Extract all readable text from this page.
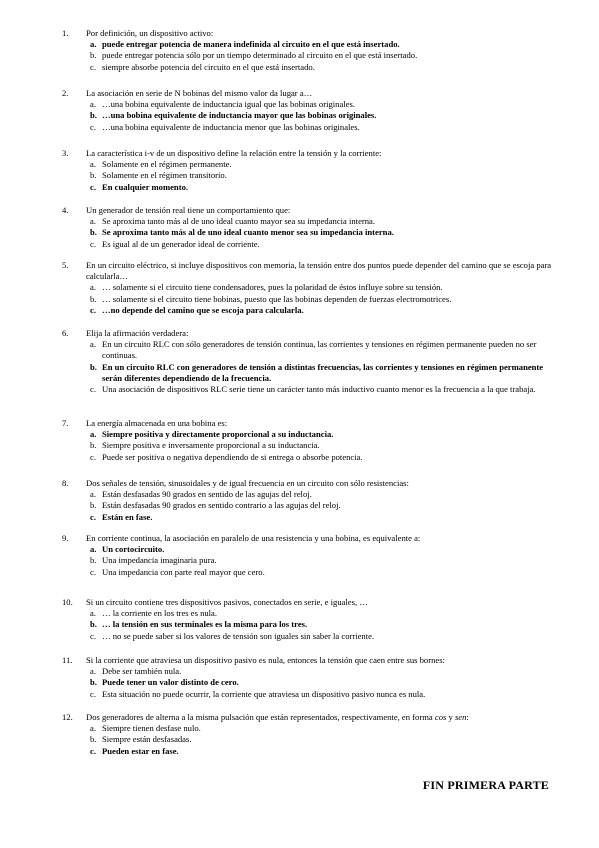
1.	Por definición, un dispositivo activo:
a. puede entregar potencia de manera indefinida al circuito en el que está insertado.
b. puede entregar potencia sólo por un tiempo determinado al circuito en el que está insertado.
c. siempre absorbe potencia del circuito en el que está insertado.
2.	La asociación en serie de N bobinas del mismo valor da lugar a…
a. …una bobina equivalente de inductancia igual que las bobinas originales.
b. …una bobina equivalente de inductancia mayor que las bobinas originales.
c. …una bobina equivalente de inductancia menor que las bobinas originales.
3.	La característica i-v de un dispositivo define la relación entre la tensión y la corriente:
a. Solamente en el régimen permanente.
b. Solamente en el régimen transitorio.
c. En cualquier momento.
4.	Un generador de tensión real tiene un comportamiento que:
a. Se aproxima tanto más al de uno ideal cuanto mayor sea su impedancia interna.
b. Se aproxima tanto más al de uno ideal cuanto menor sea su impedancia interna.
c. Es igual al de un generador ideal de corriente.
5.	En un circuito eléctrico, si incluye dispositivos con memoria, la tensión entre dos puntos puede depender del camino que se escoja para calcularla…
a. … solamente si el circuito tiene condensadores, pues la polaridad de éstos influye sobre su tensión.
b. … solamente si el circuito tiene bobinas, puesto que las bobinas dependen de fuerzas electromotrices.
c. …no depende del camino que se escoja para calcularla.
6.	Elija la afirmación verdadera:
a. En un circuito RLC con sólo generadores de tensión continua, las corrientes y tensiones en régimen permanente pueden no ser continuas.
b. En un circuito RLC con generadores de tensión a distintas frecuencias, las corrientes y tensiones en régimen permanente serán diferentes dependiendo de la frecuencia.
c. Una asociación de dispositivos RLC serie tiene un carácter tanto más inductivo cuanto menor es la frecuencia a la que trabaja.
7.	La energía almacenada en una bobina es:
a. Siempre positiva y directamente proporcional a su inductancia.
b. Siempre positiva e inversamente proporcional a su inductancia.
c. Puede ser positiva o negativa dependiendo de si entrega o absorbe potencia.
8.	Dos señales de tensión, sinusoidales y de igual frecuencia en un circuito con sólo resistencias:
a. Están desfasadas 90 grados en sentido de las agujas del reloj.
b. Están desfasadas 90 grados en sentido contrario a las agujas del reloj.
c. Están en fase.
9.	En corriente continua, la asociación en paralelo de una resistencia y una bobina, es equivalente a:
a. Un cortocircuito.
b. Una impedancia imaginaria pura.
c. Una impedancia con parte real mayor que cero.
10.	Si un circuito contiene tres dispositivos pasivos, conectados en serie, e iguales, …
a. … la corriente en los tres es nula.
b. … la tensión en sus terminales es la misma para los tres.
c. … no se puede saber si los valores de tensión son iguales sin saber la corriente.
11.	Si la corriente que atraviesa un dispositivo pasivo es nula, entonces la tensión que caen entre sus bornes:
a. Debe ser también nula.
b. Puede tener un valor distinto de cero.
c. Esta situación no puede ocurrir, la corriente que atraviesa un dispositivo pasivo nunca es nula.
12.	Dos generadores de alterna a la misma pulsación que están representados, respectivamente, en forma cos y sen:
a. Siempre tienen desfase nulo.
b. Siempre están desfasadas.
c. Pueden estar en fase.
FIN PRIMERA PARTE
